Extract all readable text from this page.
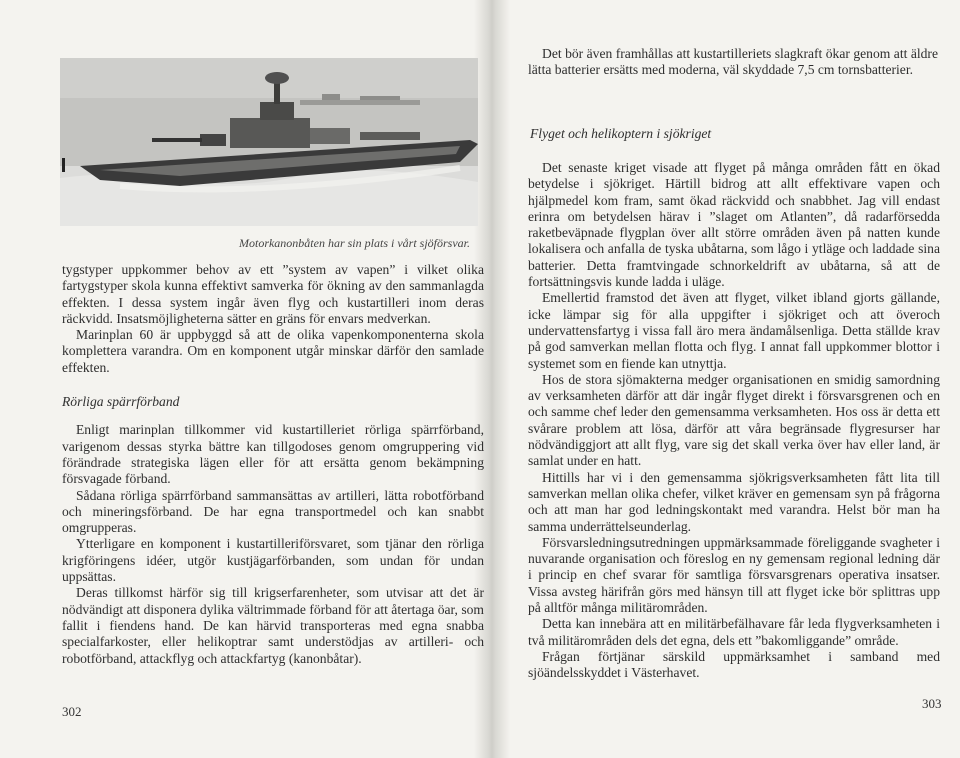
Motorkanonbåten har sin plats i vårt sjöförsvar.

tygstyper uppkommer behov av ett ”system av vapen” i vilket olika fartygstyper skola kunna effektivt samverka för ökning av den sammanlagda effekten. I dessa system ingår även flyg och kustartilleri inom deras räckvidd. Insatsmöjligheterna sätter en gräns för envars medverkan.

Marinplan 60 är uppbyggd så att de olika vapenkomponenterna skola komplettera varandra. Om en komponent utgår minskar därför den samlade effekten.

Rörliga spärrförband

Enligt marinplan tillkommer vid kustartilleriet rörliga spärrförband, varigenom dessas styrka bättre kan tillgodoses genom omgruppering vid förändrade strategiska lägen eller för att ersätta genom bekämpning försvagade förband.

Sådana rörliga spärrförband sammansättas av artilleri, lätta robotförband och mineringsförband. De har egna transportmedel och kan snabbt omgrupperas.

Ytterligare en komponent i kustartilleriförsvaret, som tjänar den rörliga krigföringens idéer, utgör kustjägarförbanden, som undan för undan uppsättas.

Deras tillkomst härför sig till krigserfarenheter, som utvisar att det är nödvändigt att disponera dylika vältrimmade förband för att återtaga öar, som fallit i fiendens hand. De kan härvid transporteras med egna snabba specialfarkoster, eller helikoptrar samt understödjas av artilleri- och robotförband, attackflyg och attackfartyg (kanonbåtar).

302

Det bör även framhållas att kustartilleriets slagkraft ökar genom att äldre lätta batterier ersätts med moderna, väl skyddade 7,5 cm tornsbatterier.

Flyget och helikoptern i sjökriget

Det senaste kriget visade att flyget på många områden fått en ökad betydelse i sjökriget. Härtill bidrog att allt effektivare vapen och hjälpmedel kom fram, samt ökad räckvidd och snabbhet. Jag vill endast erinra om betydelsen härav i ”slaget om Atlanten”, då radarförsedda raketbeväpnade flygplan över allt större områden även på natten kunde lokalisera och anfalla de tyska ubåtarna, som lågo i ytläge och laddade sina batterier. Detta framtvingade schnorkeldrift av ubåtarna, så att de fortsättningsvis kunde ladda i uläge.

Emellertid framstod det även att flyget, vilket ibland gjorts gällande, icke lämpar sig för alla uppgifter i sjökriget och att överoch undervattensfartyg i vissa fall äro mera ändamålsenliga. Detta ställde krav på god samverkan mellan flotta och flyg. I annat fall uppkommer blottor i systemet som en fiende kan utnyttja.

Hos de stora sjömakterna medger organisationen en smidig samordning av verksamheten därför att där ingår flyget direkt i försvarsgrenen och en och samme chef leder den gemensamma verksamheten. Hos oss är detta ett svårare problem att lösa, därför att våra begränsade flygresurser har nödvändiggjort att allt flyg, vare sig det skall verka över hav eller land, är samlat under en hatt.

Hittills har vi i den gemensamma sjökrigsverksamheten fått lita till samverkan mellan olika chefer, vilket kräver en gemensam syn på frågorna och att man har god ledningskontakt med varandra. Helst bör man ha samma underrättelseunderlag.

Försvarsledningsutredningen uppmärksammade föreliggande svagheter i nuvarande organisation och föreslog en ny gemensam regional ledning där i princip en chef svarar för samtliga försvarsgrenars operativa insatser. Vissa avsteg härifrån görs med hänsyn till att flyget icke bör splittras upp på alltför många militärområden.

Detta kan innebära att en militärbefälhavare får leda flygverksamheten i två militärområden dels det egna, dels ett ”bakomliggande” område.

Frågan förtjänar särskild uppmärksamhet i samband med sjöändelsskyddet i Västerhavet.

303
